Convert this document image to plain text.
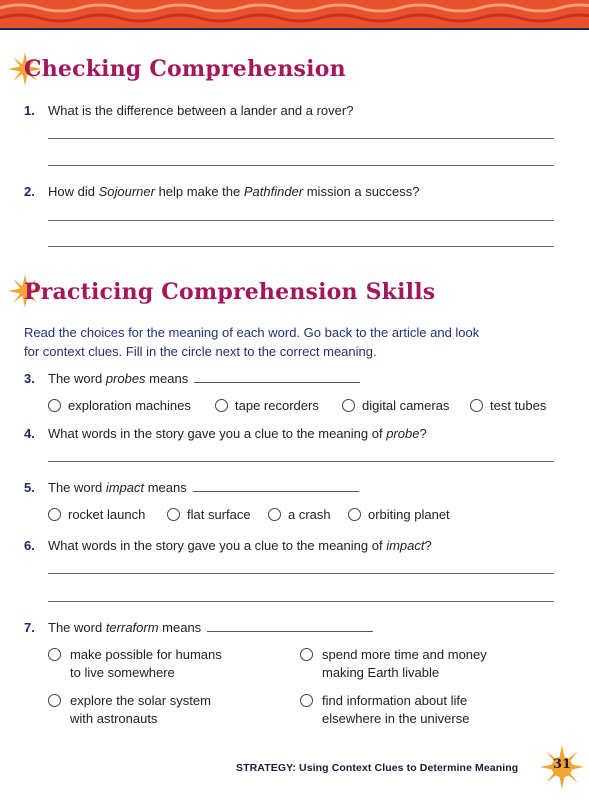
Checking Comprehension
1. What is the difference between a lander and a rover?
2. How did Sojourner help make the Pathfinder mission a success?
Practicing Comprehension Skills
Read the choices for the meaning of each word. Go back to the article and look for context clues. Fill in the circle next to the correct meaning.
3. The word probes means
exploration machines	tape recorders	digital cameras	test tubes
4. What words in the story gave you a clue to the meaning of probe?
5. The word impact means
rocket launch	flat surface	a crash	orbiting planet
6. What words in the story gave you a clue to the meaning of impact?
7. The word terraform means
make possible for humans
to live somewhere
spend more time and money
making Earth livable
explore the solar system
with astronauts
find information about life
elsewhere in the universe
STRATEGY: Using Context Clues to Determine Meaning	31
